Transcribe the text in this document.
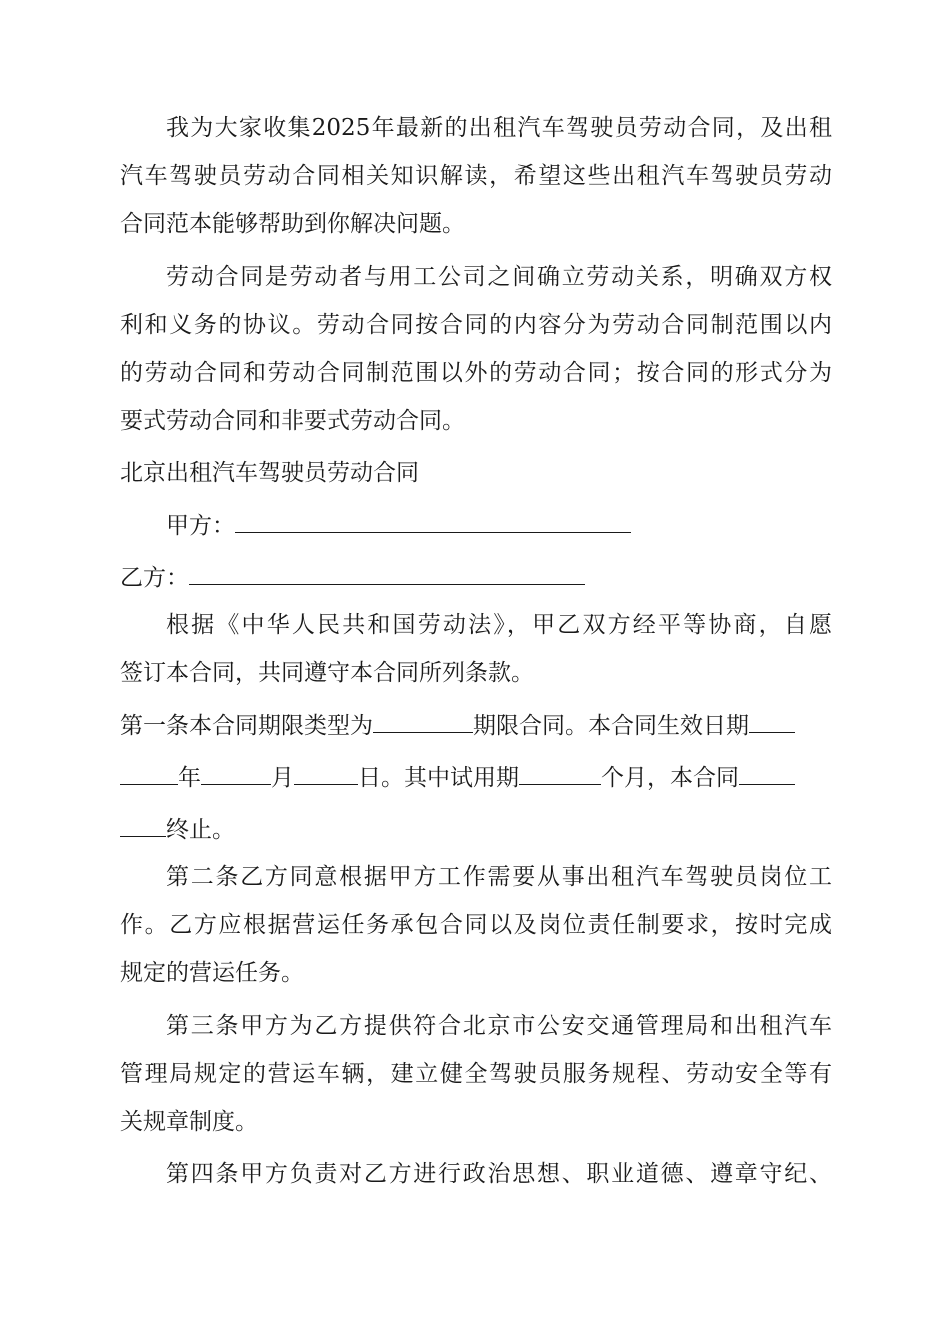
我为大家收集2025年最新的出租汽车驾驶员劳动合同，及出租
汽车驾驶员劳动合同相关知识解读，希望这些出租汽车驾驶员劳动
合同范本能够帮助到你解决问题。
劳动合同是劳动者与用工公司之间确立劳动关系，明确双方权
利和义务的协议。劳动合同按合同的内容分为劳动合同制范围以内
的劳动合同和劳动合同制范围以外的劳动合同；按合同的形式分为
要式劳动合同和非要式劳动合同。
北京出租汽车驾驶员劳动合同
甲方：
乙方：
根据《中华人民共和国劳动法》，甲乙双方经平等协商，自愿
签订本合同，共同遵守本合同所列条款。
第一条本合同期限类型为	期限合同。本合同生效日期
年	月	日。其中试用期	个月，本合同
终止。
第二条乙方同意根据甲方工作需要从事出租汽车驾驶员岗位工
作。乙方应根据营运任务承包合同以及岗位责任制要求，按时完成
规定的营运任务。
第三条甲方为乙方提供符合北京市公安交通管理局和出租汽车
管理局规定的营运车辆，建立健全驾驶员服务规程、劳动安全等有
关规章制度。
第四条甲方负责对乙方进行政治思想、职业道德、遵章守纪、
